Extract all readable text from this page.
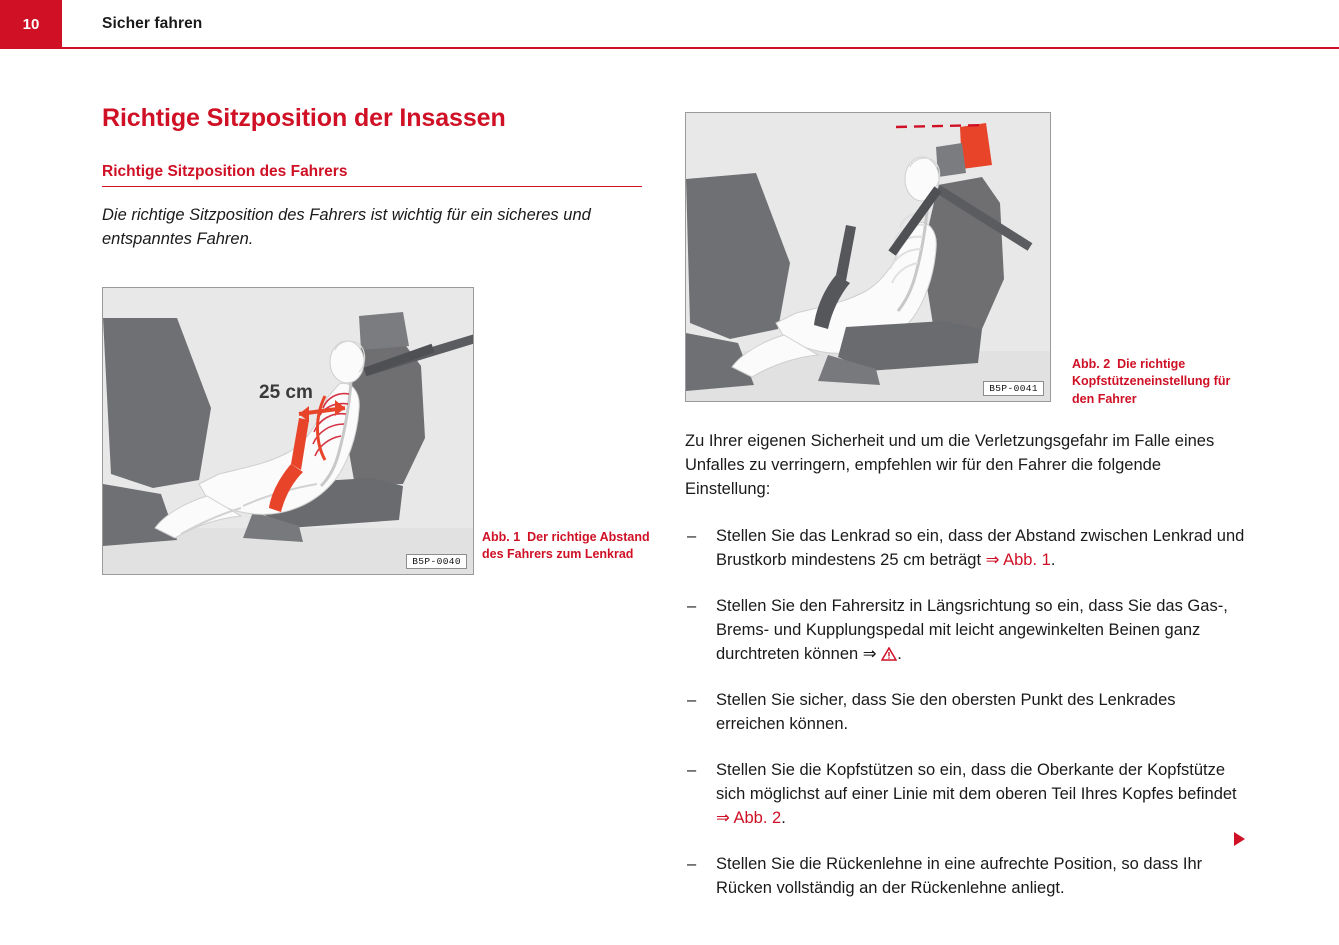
10	Sicher fahren
Richtige Sitzposition der Insassen
Richtige Sitzposition des Fahrers

Die richtige Sitzposition des Fahrers ist wichtig für ein sicheres und entspanntes Fahren.

25 cm
B5P-0040
Abb. 1 Der richtige Abstand des Fahrers zum Lenkrad
B5P-0041
Abb. 2 Die richtige Kopfstützeneinstellung für den Fahrer

Zu Ihrer eigenen Sicherheit und um die Verletzungsgefahr im Falle eines Unfalles zu verringern, empfehlen wir für den Fahrer die folgende Einstellung:

– Stellen Sie das Lenkrad so ein, dass der Abstand zwischen Lenkrad und Brustkorb mindestens 25 cm beträgt ⇒ Abb. 1.
– Stellen Sie den Fahrersitz in Längsrichtung so ein, dass Sie das Gas-, Brems- und Kupplungspedal mit leicht angewinkelten Beinen ganz durchtreten können ⇒
.
– Stellen Sie sicher, dass Sie den obersten Punkt des Lenkrades erreichen können.
– Stellen Sie die Kopfstützen so ein, dass die Oberkante der Kopfstütze sich möglichst auf einer Linie mit dem oberen Teil Ihres Kopfes befindet ⇒ Abb. 2.
– Stellen Sie die Rückenlehne in eine aufrechte Position, so dass Ihr Rücken vollständig an der Rückenlehne anliegt.
